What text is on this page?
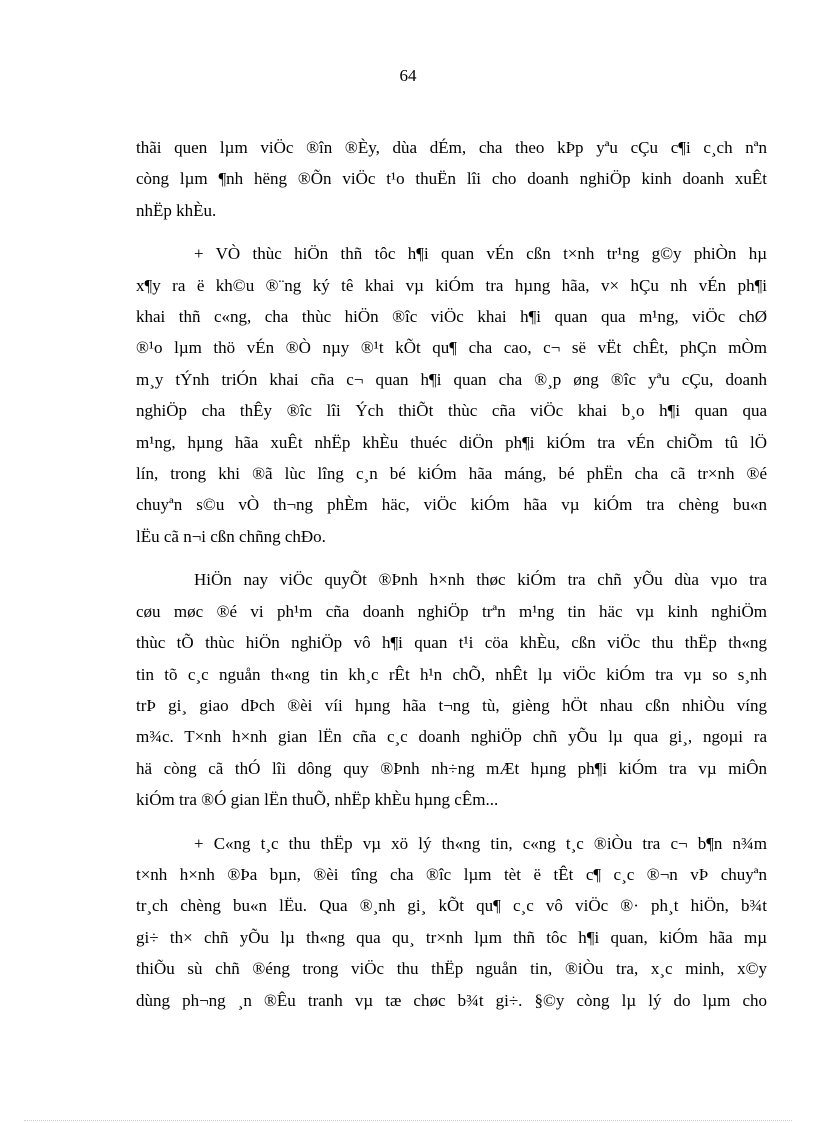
64

thãi quen lµm viÖc ®în ®Èy, dùa dÉm, cha theo kÞp yªu cÇu c¶i c¸ch nªn
còng lµm ¶nh hëng ®Õn viÖc t¹o thuËn lîi cho doanh nghiÖp kinh doanh xuÊt
nhËp khÈu.

+ VÒ thùc hiÖn thñ tôc h¶i quan vÉn cßn t×nh tr¹ng g©y phiÒn hµ
x¶y ra ë kh©u ®¨ng ký tê khai vµ kiÓm tra hµng hãa, v× hÇu nh vÉn ph¶i
khai thñ c«ng, cha thùc hiÖn ®îc viÖc khai h¶i quan qua m¹ng, viÖc chØ
®¹o lµm thö vÉn ®Ò nµy ®¹t kÕt qu¶ cha cao, c¬ së vËt chÊt, phÇn mÒm
m¸y tÝnh triÓn khai cña c¬ quan h¶i quan cha ®¸p øng ®îc yªu cÇu, doanh
nghiÖp cha thÊy ®îc lîi Ých thiÕt thùc cña viÖc khai b¸o h¶i quan qua
m¹ng, hµng hãa xuÊt nhËp khÈu thuéc diÖn ph¶i kiÓm tra vÉn chiÕm tû lÖ
lín, trong khi ®ã lùc lîng c¸n bé kiÓm hãa máng, bé phËn cha cã tr×nh ®é
chuyªn s©u vÒ th¬ng phÈm häc, viÖc kiÓm hãa vµ kiÓm tra chèng bu«n
lËu cã n¬i cßn chñng chÐo.

HiÖn nay viÖc quyÕt ®Þnh h×nh thøc kiÓm tra chñ yÕu dùa vµo tra
cøu møc ®é vi ph¹m cña doanh nghiÖp trªn m¹ng tin häc vµ kinh nghiÖm
thùc tÕ thùc hiÖn nghiÖp vô h¶i quan t¹i cöa khÈu, cßn viÖc thu thËp th«ng
tin tõ c¸c nguån th«ng tin kh¸c rÊt h¹n chÕ, nhÊt lµ viÖc kiÓm tra vµ so s¸nh
trÞ gi¸ giao dÞch ®èi víi hµng hãa t¬ng tù, gièng hÖt nhau cßn nhiÒu víng
m¾c. T×nh h×nh gian lËn cña c¸c doanh nghiÖp chñ yÕu lµ qua gi¸, ngoµi ra
hä còng cã thÓ lîi dông quy ®Þnh nh÷ng mÆt hµng ph¶i kiÓm tra vµ miÔn
kiÓm tra ®Ó gian lËn thuÕ, nhËp khÈu hµng cÊm...

+ C«ng t¸c thu thËp vµ xö lý th«ng tin, c«ng t¸c ®iÒu tra c¬ b¶n n¾m
t×nh h×nh ®Þa bµn, ®èi tîng cha ®îc lµm tèt ë tÊt c¶ c¸c ®¬n vÞ chuyªn
tr¸ch chèng bu«n lËu. Qua ®¸nh gi¸ kÕt qu¶ c¸c vô viÖc ®· ph¸t hiÖn, b¾t
gi÷ th× chñ yÕu lµ th«ng qua qu¸ tr×nh lµm thñ tôc h¶i quan, kiÓm hãa mµ
thiÕu sù chñ ®éng trong viÖc thu thËp nguån tin, ®iÒu tra, x¸c minh, x©y
dùng ph¬ng ¸n ®Êu tranh vµ tæ chøc b¾t gi÷. §©y còng lµ lý do lµm cho
